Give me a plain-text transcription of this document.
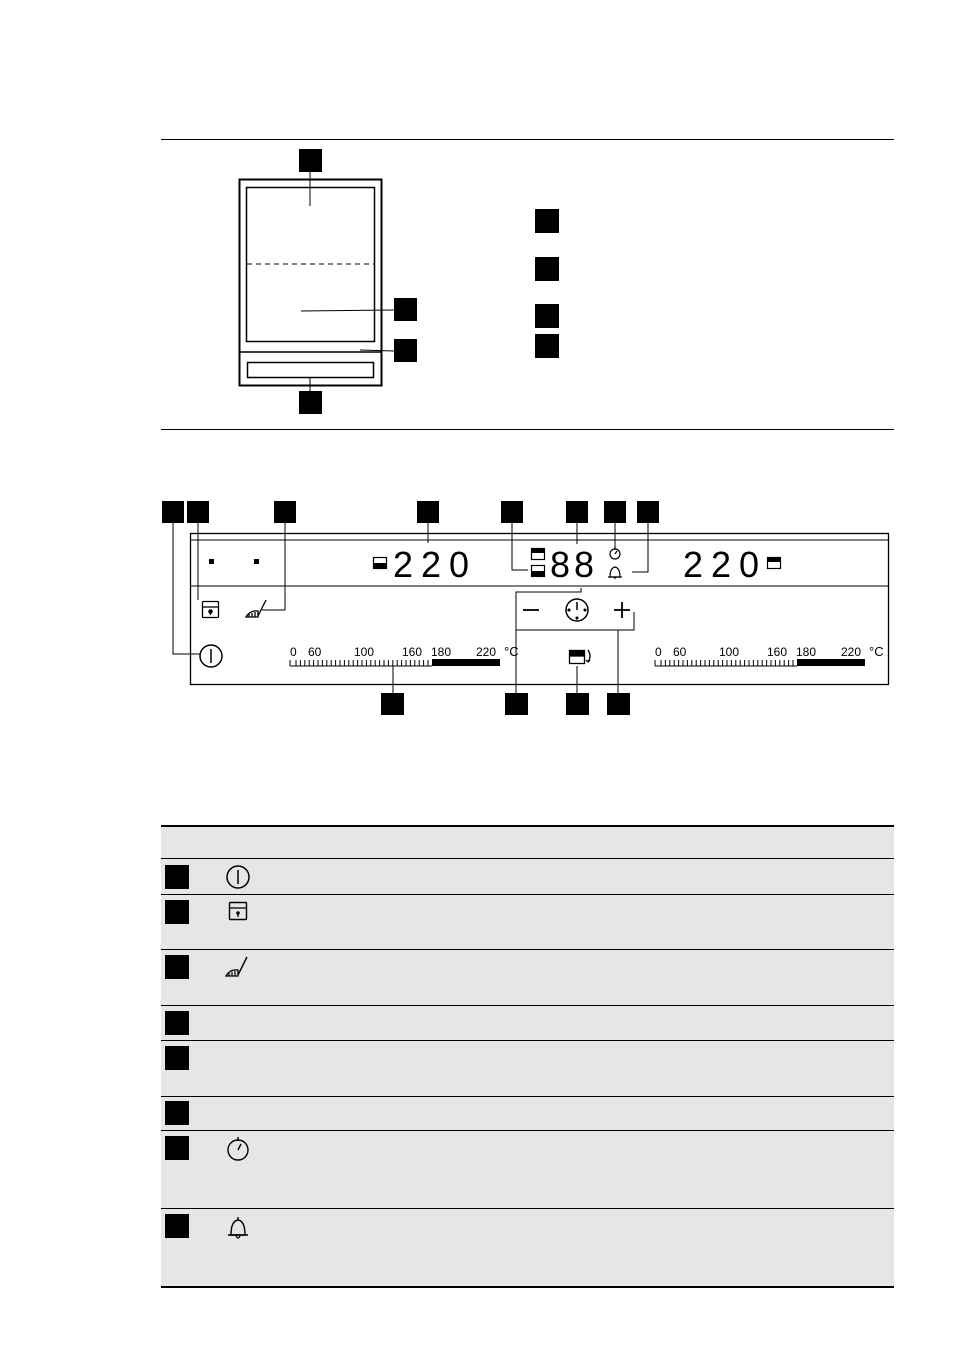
220 88 220
0 60	100 160 180 220 °C	0 60	100 160 180 220 °C
